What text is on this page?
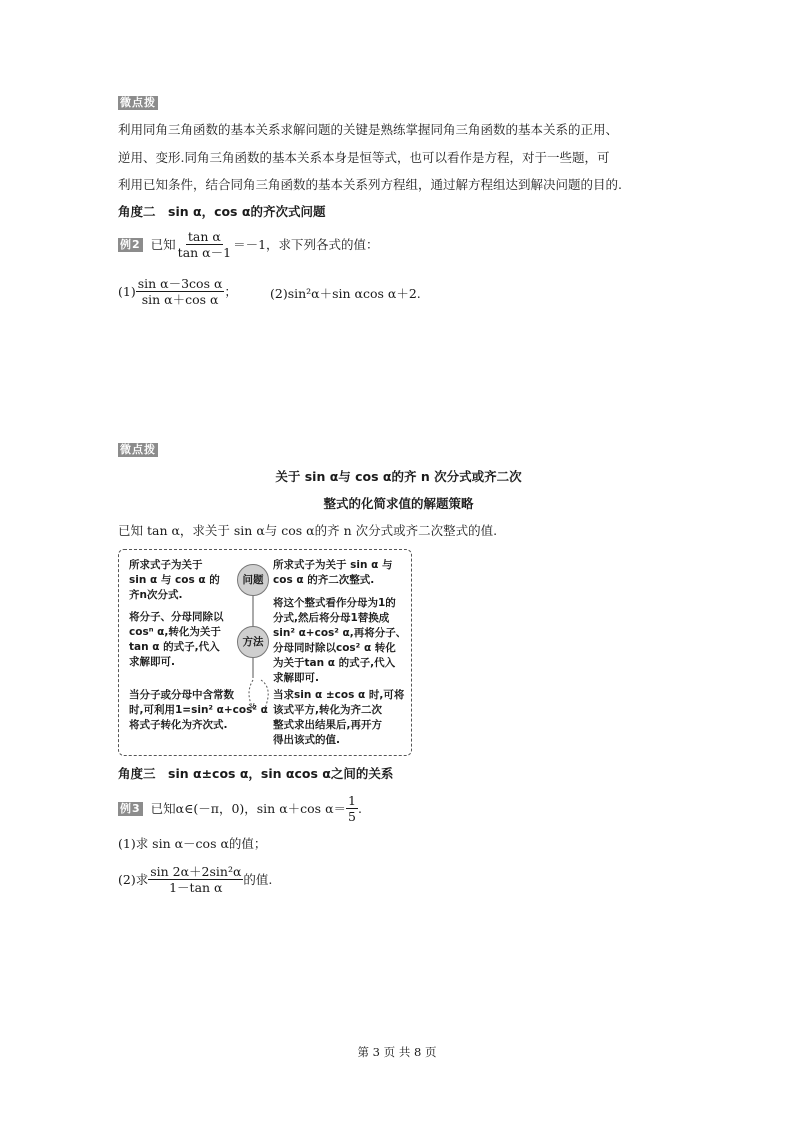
微点拨
利用同角三角函数的基本关系求解问题的关键是熟练掌握同角三角函数的基本关系的正用、
逆用、变形.同角三角函数的基本关系本身是恒等式，也可以看作是方程，对于一些题，可
利用已知条件，结合同角三角函数的基本关系列方程组，通过解方程组达到解决问题的目的.
角度二　sin α，cos α的齐次式问题
例2 已知 $\frac{\text{tan α}}{\text{tan α－1}} =-1$，求下列各式的值：
$(1) \frac{\text{sin α－3cos α}}{\text{sin α＋cos α}}$ ；	(2)sin²α＋sin αcos α＋2.
微点拨
关于 sin α与 cos α的齐 n 次分式或齐二次
整式的化简求值的解题策略
已知 tan α，求关于 sin α与 cos α的齐 n 次分式或齐二次整式的值.
所求式子为关于
sin α 与 cos α 的
齐n次分式.
将分子、分母同除以
cosⁿ α,转化为关于
tan α 的式子,代入
求解即可.
当分子或分母中含常数
时,可利用1=sin² α+cos² α
将式子转化为齐次式.
问题
方法
所求式子为关于 sin α 与
cos α 的齐二次整式.
将这个整式看作分母为1的
分式,然后将分母1替换成
sin² α+cos² α,再将分子、
分母同时除以cos² α 转化
为关于tan α 的式子,代入
求解即可.
当求sin α ±cos α 时,可将
该式平方,转化为齐二次
整式求出结果后,再开方
得出该式的值.
角度三　sin α±cos α，sin αcos α之间的关系
例3 已知α∈(－π，0)，sin α＋cos $\alpha= \frac{1}{5}$ .
(1)求 sin α－cos α的值；
(2)求 $\frac{\text{sin 2α＋2sin²α}}{\text{1－tan α}}$ 的值.
第 3 页 共 8 页
